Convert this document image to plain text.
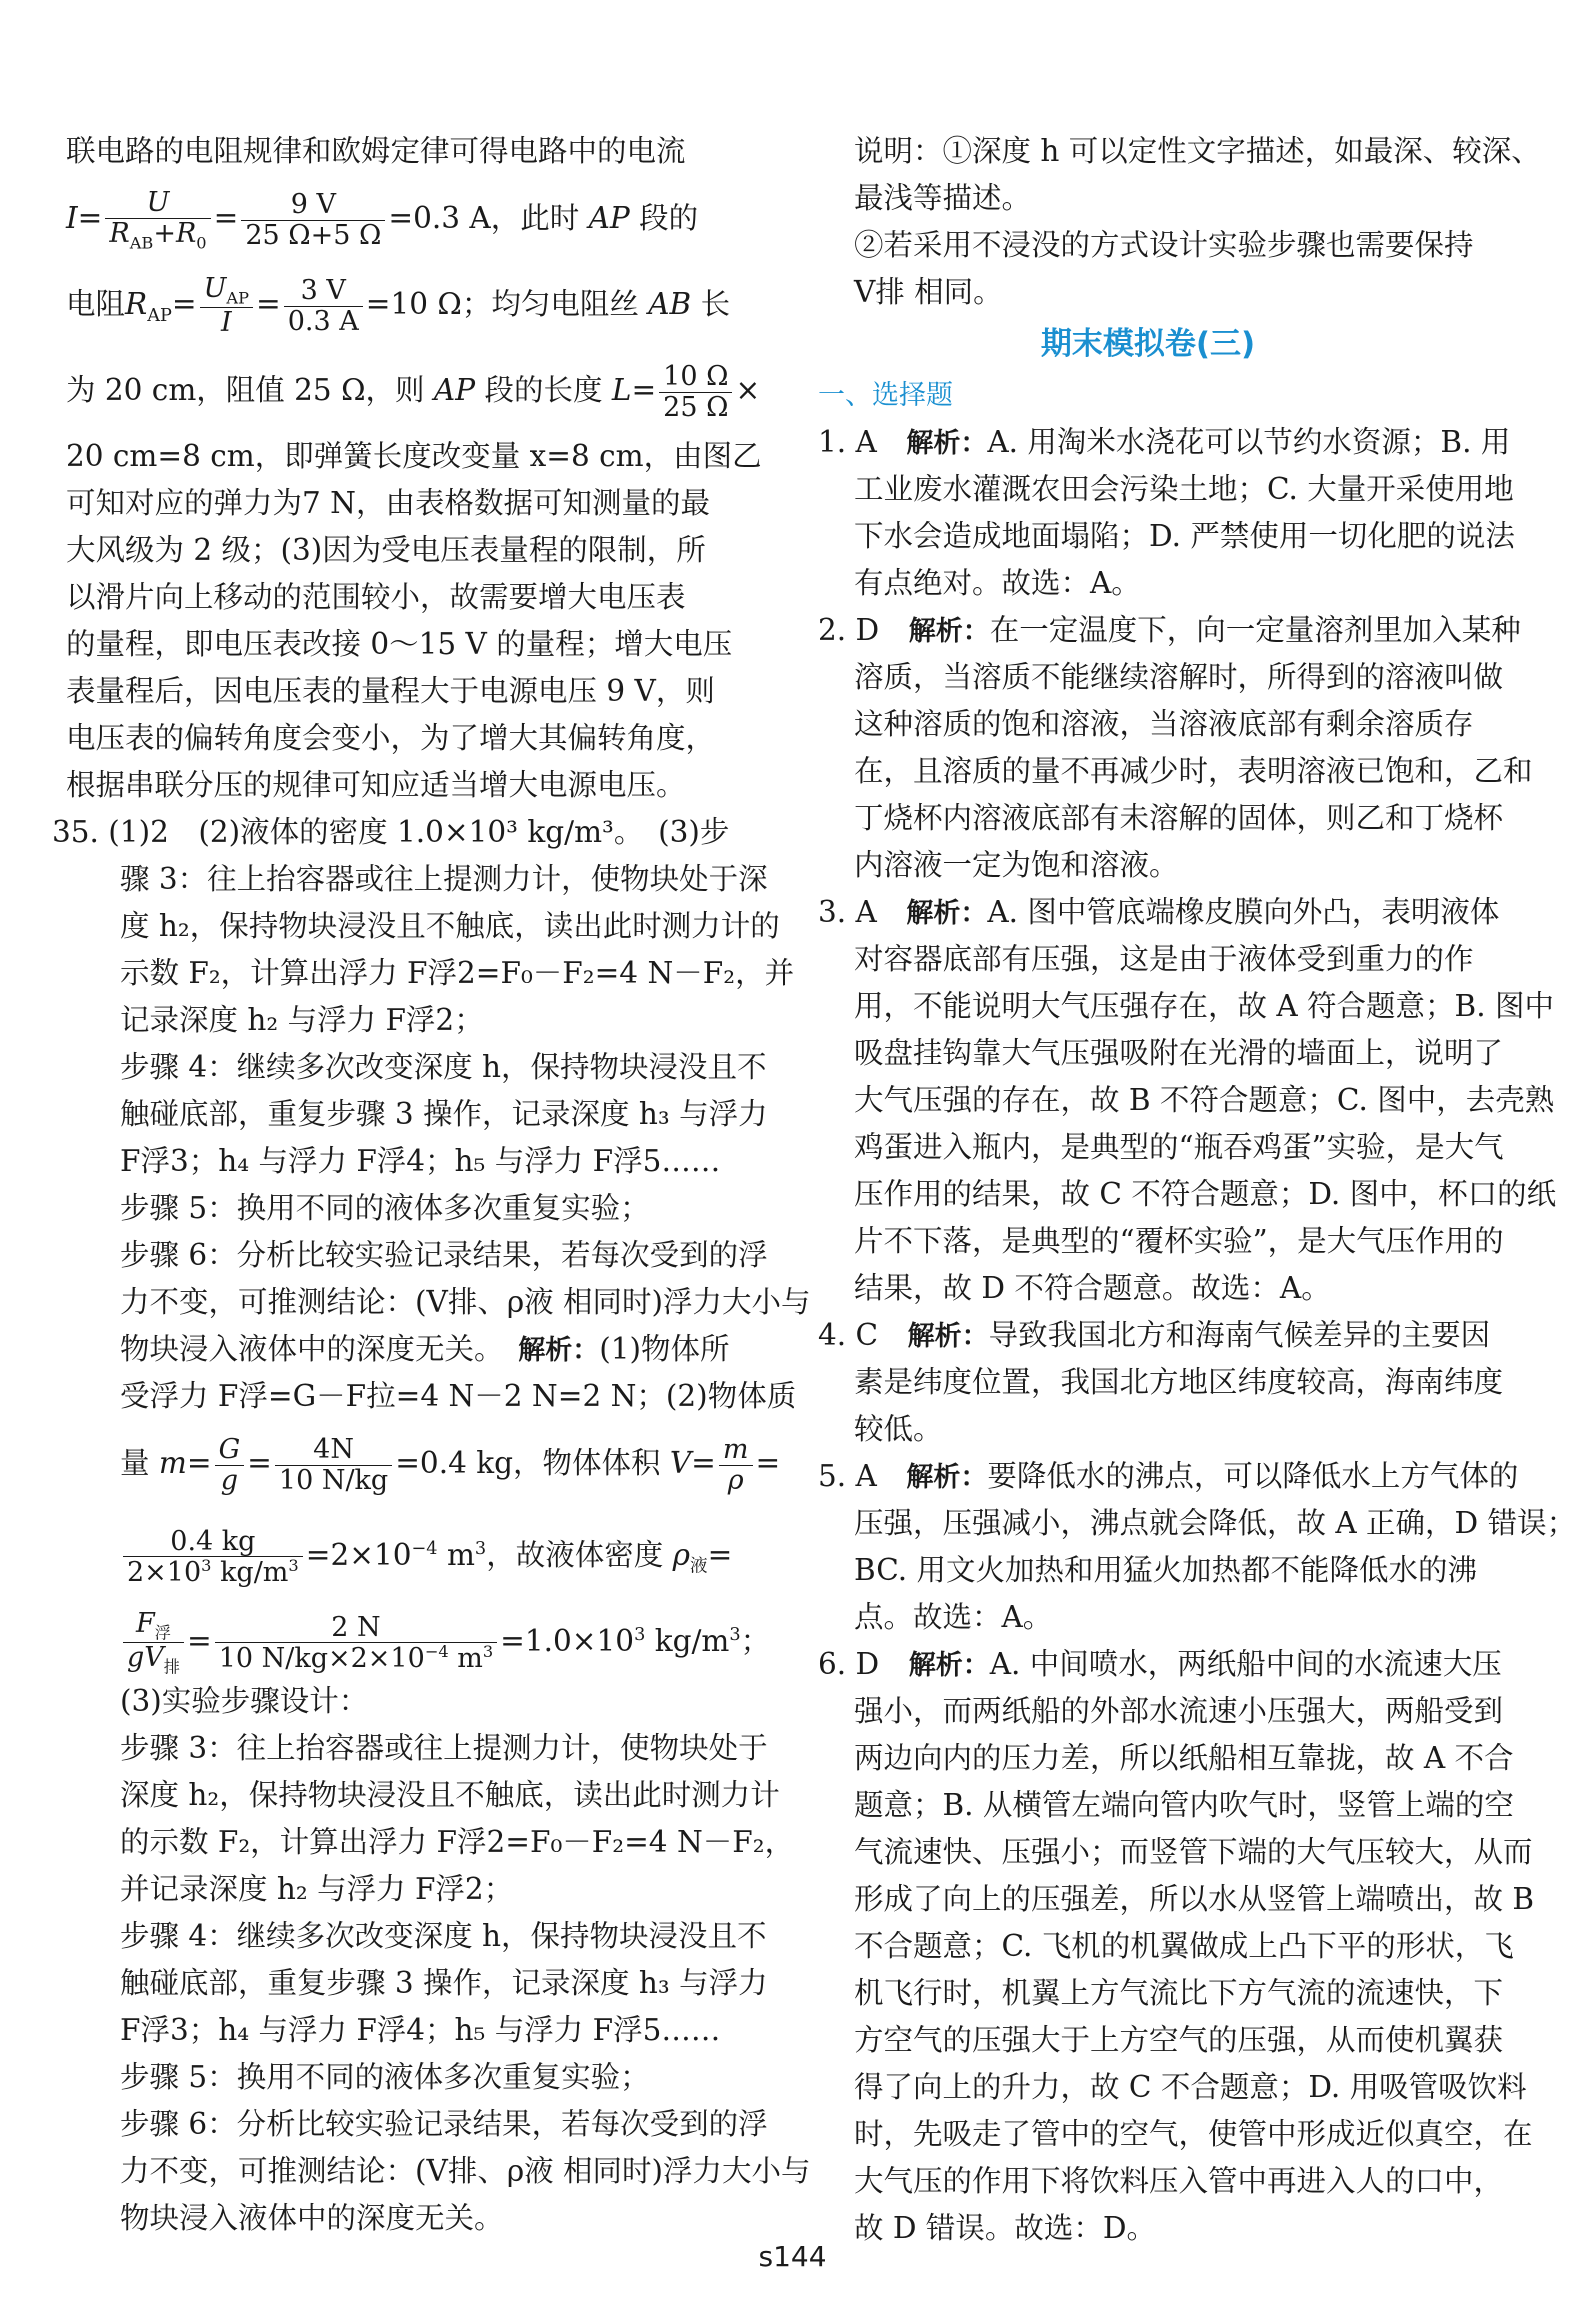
联电路的电阻规律和欧姆定律可得电路中的电流
$I= \frac{U}{R_{AB}+R_0} = \frac{9 V}{25 \Omega+5 \Omega} =0.3$ A，此时 AP 段的
电阻$R_{AP}= \frac{U_{AP}}{I} = \frac{3 V}{0.3 A} =10$ Ω；均匀电阻丝 AB 长
为 20 cm，阻值 25 Ω，则 AP 段的长度 $L= \frac{10 \Omega}{25 \Omega}$ ×
20 cm=8 cm，即弹簧长度改变量 x=8 cm，由图乙
可知对应的弹力为7 N，由表格数据可知测量的最
大风级为 2 级；(3)因为受电压表量程的限制，所
以滑片向上移动的范围较小，故需要增大电压表
的量程，即电压表改接 0～15 V 的量程；增大电压
表量程后，因电压表的量程大于电源电压 9 V，则
电压表的偏转角度会变小，为了增大其偏转角度，
根据串联分压的规律可知应适当增大电源电压。
35. (1)2　(2)液体的密度 1.0×10³ kg/m³。　(3)步
骤 3：往上抬容器或往上提测力计，使物块处于深
度 h₂，保持物块浸没且不触底，读出此时测力计的
示数 F₂，计算出浮力 F浮2=F₀－F₂=4 N－F₂，并
记录深度 h₂ 与浮力 F浮2；
步骤 4：继续多次改变深度 h，保持物块浸没且不
触碰底部，重复步骤 3 操作，记录深度 h₃ 与浮力
F浮3；h₄ 与浮力 F浮4；h₅ 与浮力 F浮5……
步骤 5：换用不同的液体多次重复实验；
步骤 6：分析比较实验记录结果，若每次受到的浮
力不变，可推测结论：(V排、ρ液 相同时)浮力大小与
物块浸入液体中的深度无关。　解析：(1)物体所
受浮力 F浮=G－F拉=4 N－2 N=2 N；(2)物体质
量 $m= \frac{G}{g} = \frac{4N}{10 N/kg} =0.4$ kg，物体体积 $V= \frac{m}{\rho}$ =
$\frac{0.4 kg}{2\times 10^3 kg/m^3} =2\times 10^{-4}$ $m^3$，故液体密度 $\rho_液=$
$\frac{F_浮}{gV_排} = \frac{2 N}{10 N/kg\times 2\times 10^{-4} m^3} =1.0\times 10^3$ $kg/m^3$；
(3)实验步骤设计：
步骤 3：往上抬容器或往上提测力计，使物块处于
深度 h₂，保持物块浸没且不触底，读出此时测力计
的示数 F₂，计算出浮力 F浮2=F₀－F₂=4 N－F₂，
并记录深度 h₂ 与浮力 F浮2；
步骤 4：继续多次改变深度 h，保持物块浸没且不
触碰底部，重复步骤 3 操作，记录深度 h₃ 与浮力
F浮3；h₄ 与浮力 F浮4；h₅ 与浮力 F浮5……
步骤 5：换用不同的液体多次重复实验；
步骤 6：分析比较实验记录结果，若每次受到的浮
力不变，可推测结论：(V排、ρ液 相同时)浮力大小与
物块浸入液体中的深度无关。
说明：①深度 h 可以定性文字描述，如最深、较深、
最浅等描述。
②若采用不浸没的方式设计实验步骤也需要保持
V排 相同。
期末模拟卷(三)
一、选择题
1. A　 解析：A. 用淘米水浇花可以节约水资源；B. 用
工业废水灌溉农田会污染土地；C. 大量开采使用地
下水会造成地面塌陷；D. 严禁使用一切化肥的说法
有点绝对。故选：A。
2. D　 解析：在一定温度下，向一定量溶剂里加入某种
溶质，当溶质不能继续溶解时，所得到的溶液叫做
这种溶质的饱和溶液，当溶液底部有剩余溶质存
在，且溶质的量不再减少时，表明溶液已饱和，乙和
丁烧杯内溶液底部有未溶解的固体，则乙和丁烧杯
内溶液一定为饱和溶液。
3. A　 解析：A. 图中管底端橡皮膜向外凸，表明液体
对容器底部有压强，这是由于液体受到重力的作
用，不能说明大气压强存在，故 A 符合题意；B. 图中
吸盘挂钩靠大气压强吸附在光滑的墙面上，说明了
大气压强的存在，故 B 不符合题意；C. 图中，去壳熟
鸡蛋进入瓶内，是典型的“瓶吞鸡蛋”实验，是大气
压作用的结果，故 C 不符合题意；D. 图中，杯口的纸
片不下落，是典型的“覆杯实验”，是大气压作用的
结果，故 D 不符合题意。故选：A。
4. C　 解析：导致我国北方和海南气候差异的主要因
素是纬度位置，我国北方地区纬度较高，海南纬度
较低。
5. A　 解析：要降低水的沸点，可以降低水上方气体的
压强，压强减小，沸点就会降低，故 A 正确，D 错误；
BC. 用文火加热和用猛火加热都不能降低水的沸
点。故选：A。
6. D　 解析：A. 中间喷水，两纸船中间的水流速大压
强小，而两纸船的外部水流速小压强大，两船受到
两边向内的压力差，所以纸船相互靠拢，故 A 不合
题意；B. 从横管左端向管内吹气时，竖管上端的空
气流速快、压强小；而竖管下端的大气压较大，从而
形成了向上的压强差，所以水从竖管上端喷出，故 B
不合题意；C. 飞机的机翼做成上凸下平的形状，飞
机飞行时，机翼上方气流比下方气流的流速快，下
方空气的压强大于上方空气的压强，从而使机翼获
得了向上的升力，故 C 不合题意；D. 用吸管吸饮料
时，先吸走了管中的空气，使管中形成近似真空，在
大气压的作用下将饮料压入管中再进入人的口中，
故 D 错误。故选：D。
s144
